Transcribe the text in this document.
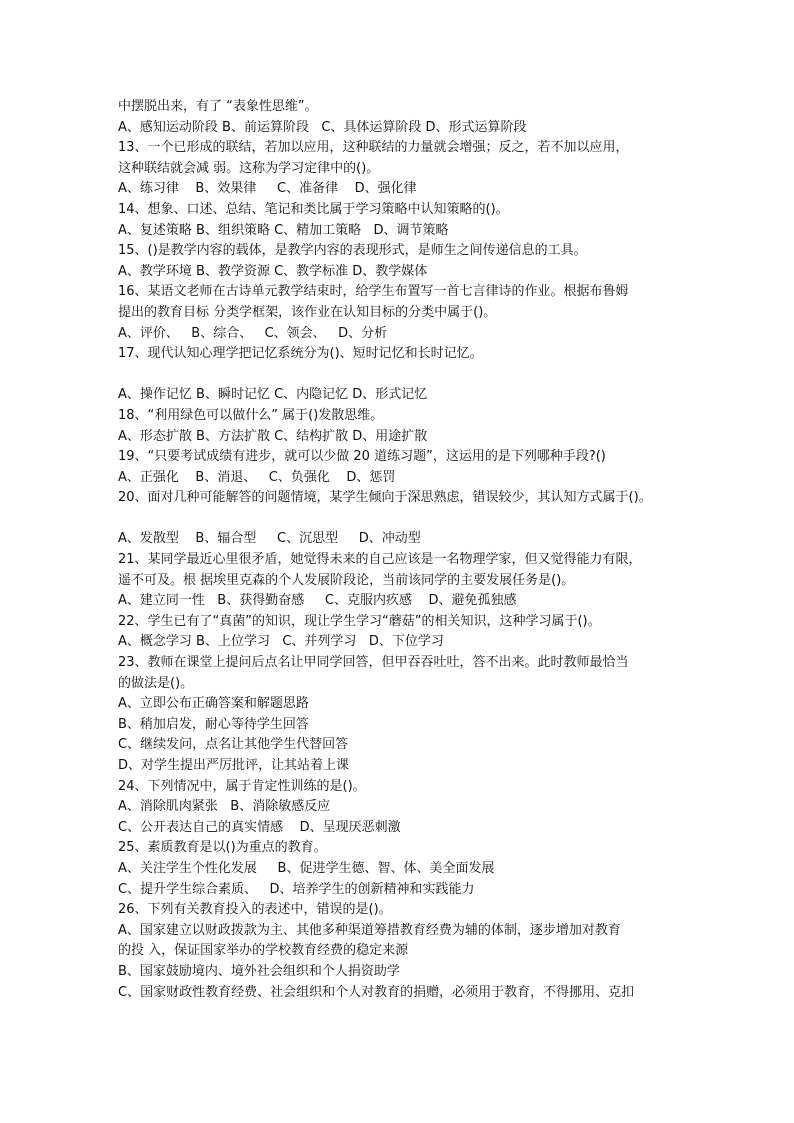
中摆脱出来，有了 “表象性思维”。
A、感知运动阶段 B、前运算阶段   C、具体运算阶段 D、形式运算阶段
13、一个已形成的联结，若加以应用，这种联结的力量就会增强；反之，若不加以应用，
这种联结就会减 弱。这称为学习定律中的()。
A、练习律    B、效果律     C、准备律    D、强化律
14、想象、口述、总结、笔记和类比属于学习策略中认知策略的()。
A、复述策略 B、组织策略 C、精加工策略   D、调节策略
15、()是教学内容的载体，是教学内容的表现形式，是师生之间传递信息的工具。
A、教学环境 B、教学资源 C、教学标准 D、教学媒体
16、某语文老师在古诗单元教学结束时，给学生布置写一首七言律诗的作业。根据布鲁姆
提出的教育目标 分类学框架，该作业在认知目标的分类中属于()。
A、评价、   B、综合、   C、领会、   D、分析
17、现代认知心理学把记忆系统分为()、短时记忆和长时记忆。
A、操作记忆 B、瞬时记忆 C、内隐记忆 D、形式记忆
18、“利用绿色可以做什么” 属于()发散思维。
A、形态扩散 B、方法扩散 C、结构扩散 D、用途扩散
19、“只要考试成绩有进步，就可以少做 20 道练习题”，这运用的是下列哪种手段?()
A、正强化    B、消退、   C、负强化    D、惩罚
20、面对几种可能解答的问题情境，某学生倾向于深思熟虑，错误较少，其认知方式属于()。
A、发散型    B、辐合型     C、沉思型     D、冲动型
21、某同学最近心里很矛盾，她觉得未来的自己应该是一名物理学家，但又觉得能力有限，
遥不可及。根 据埃里克森的个人发展阶段论，当前该同学的主要发展任务是()。
A、建立同一性   B、获得勤奋感     C、克服内疚感    D、避免孤独感
22、学生已有了“真菌”的知识，现让学生学习“蘑菇”的相关知识，这种学习属于()。
A、概念学习 B、上位学习   C、并列学习   D、下位学习
23、教师在课堂上提问后点名让甲同学回答，但甲吞吞吐吐，答不出来。此时教师最恰当
的做法是()。
A、立即公布正确答案和解题思路
B、稍加启发，耐心等待学生回答
C、继续发问，点名让其他学生代替回答
D、对学生提出严厉批评，让其站着上课
24、下列情况中，属于肯定性训练的是()。
A、消除肌肉紧张   B、消除敏感反应
C、公开表达自己的真实情感    D、呈现厌恶刺激
25、素质教育是以()为重点的教育。
A、关注学生个性化发展     B、促进学生德、智、体、美全面发展
C、提升学生综合素质、   D、培养学生的创新精神和实践能力
26、下列有关教育投入的表述中，错误的是()。
A、国家建立以财政拨款为主、其他多种渠道筹措教育经费为辅的体制，逐步增加对教育
的投 入，保证国家举办的学校教育经费的稳定来源
B、国家鼓励境内、境外社会组织和个人捐资助学
C、国家财政性教育经费、社会组织和个人对教育的捐赠，必须用于教育，不得挪用、克扣
